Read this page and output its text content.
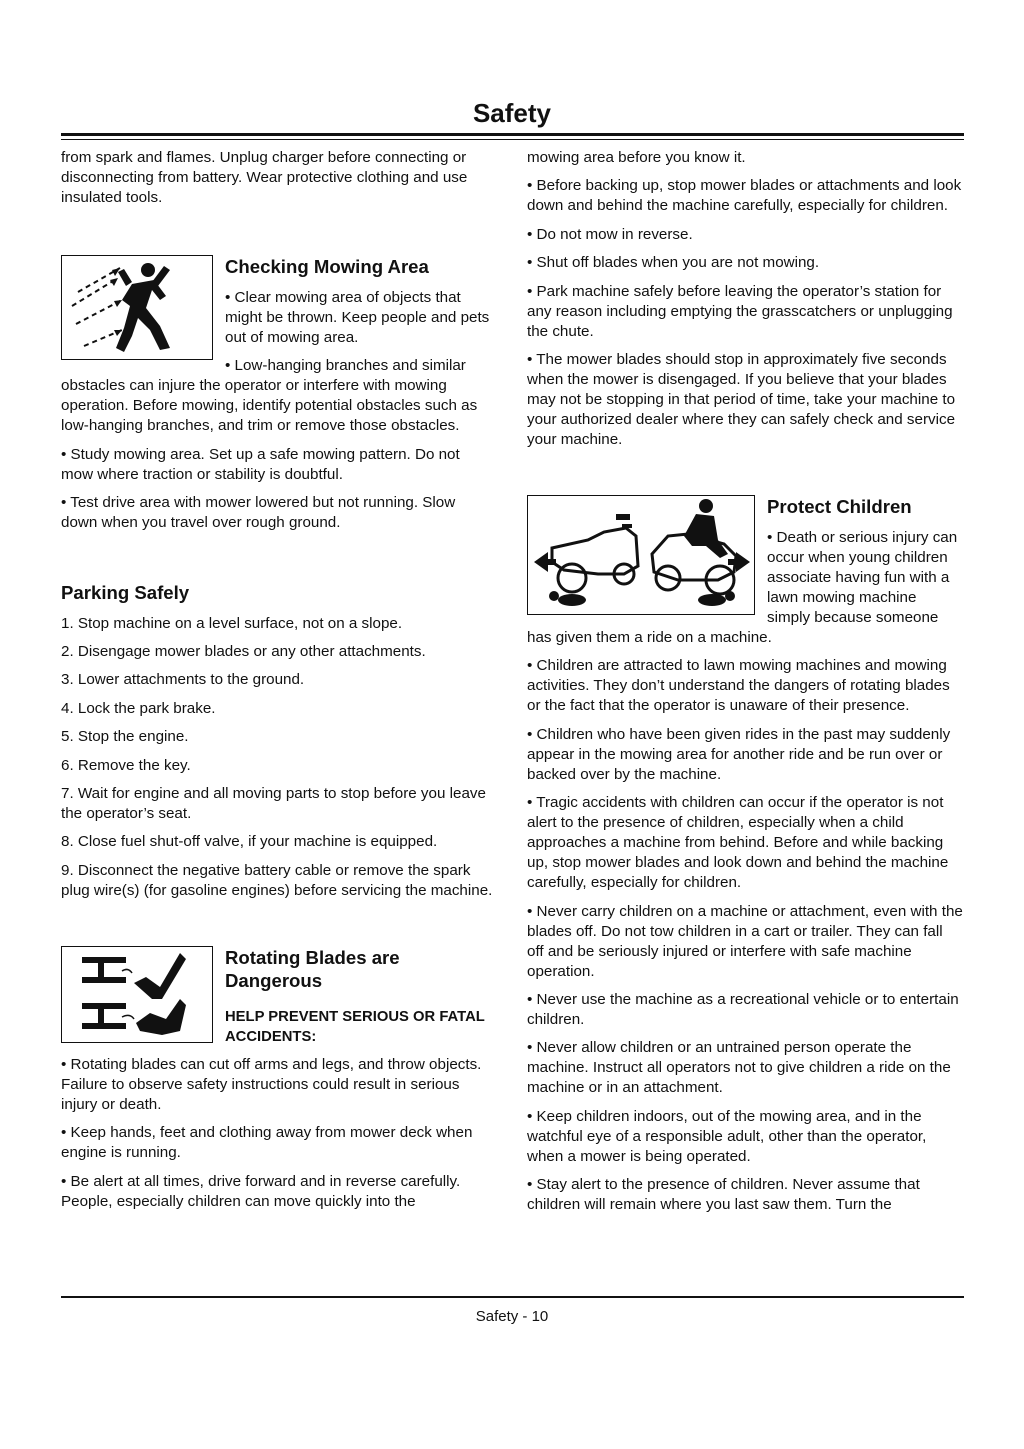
Safety

from spark and flames. Unplug charger before connecting or disconnecting from battery. Wear protective clothing and use insulated tools.

Checking Mowing Area

• Clear mowing area of objects that might be thrown. Keep people and pets out of mowing area.

• Low-hanging branches and similar obstacles can injure the operator or interfere with mowing operation. Before mowing, identify potential obstacles such as low-hanging branches, and trim or remove those obstacles.

• Study mowing area. Set up a safe mowing pattern. Do not mow where traction or stability is doubtful.

• Test drive area with mower lowered but not running. Slow down when you travel over rough ground.

Parking Safely

1. Stop machine on a level surface, not on a slope.

2. Disengage mower blades or any other attachments.

3. Lower attachments to the ground.

4. Lock the park brake.

5. Stop the engine.

6. Remove the key.

7. Wait for engine and all moving parts to stop before you leave the operator’s seat.

8. Close fuel shut-off valve, if your machine is equipped.

9. Disconnect the negative battery cable or remove the spark plug wire(s) (for gasoline engines) before servicing the machine.

Rotating Blades are Dangerous

HELP PREVENT SERIOUS OR FATAL ACCIDENTS:

• Rotating blades can cut off arms and legs, and throw objects. Failure to observe safety instructions could result in serious injury or death.

• Keep hands, feet and clothing away from mower deck when engine is running.

• Be alert at all times, drive forward and in reverse carefully. People, especially children can move quickly into the

mowing area before you know it.

• Before backing up, stop mower blades or attachments and look down and behind the machine carefully, especially for children.

• Do not mow in reverse.

• Shut off blades when you are not mowing.

• Park machine safely before leaving the operator’s station for any reason including emptying the grasscatchers or unplugging the chute.

• The mower blades should stop in approximately five seconds when the mower is disengaged. If you believe that your blades may not be stopping in that period of time, take your machine to your authorized dealer where they can safely check and service your machine.

Protect Children

• Death or serious injury can occur when young children associate having fun with a lawn mowing machine simply because someone has given them a ride on a machine.

• Children are attracted to lawn mowing machines and mowing activities. They don’t understand the dangers of rotating blades or the fact that the operator is unaware of their presence.

• Children who have been given rides in the past may suddenly appear in the mowing area for another ride and be run over or backed over by the machine.

• Tragic accidents with children can occur if the operator is not alert to the presence of children, especially when a child approaches a machine from behind. Before and while backing up, stop mower blades and look down and behind the machine carefully, especially for children.

• Never carry children on a machine or attachment, even with the blades off. Do not tow children in a cart or trailer. They can fall off and be seriously injured or interfere with safe machine operation.

• Never use the machine as a recreational vehicle or to entertain children.

• Never allow children or an untrained person operate the machine. Instruct all operators not to give children a ride on the machine or in an attachment.

• Keep children indoors, out of the mowing area, and in the watchful eye of a responsible adult, other than the operator, when a mower is being operated.

• Stay alert to the presence of children. Never assume that children will remain where you last saw them. Turn the

Safety - 10
